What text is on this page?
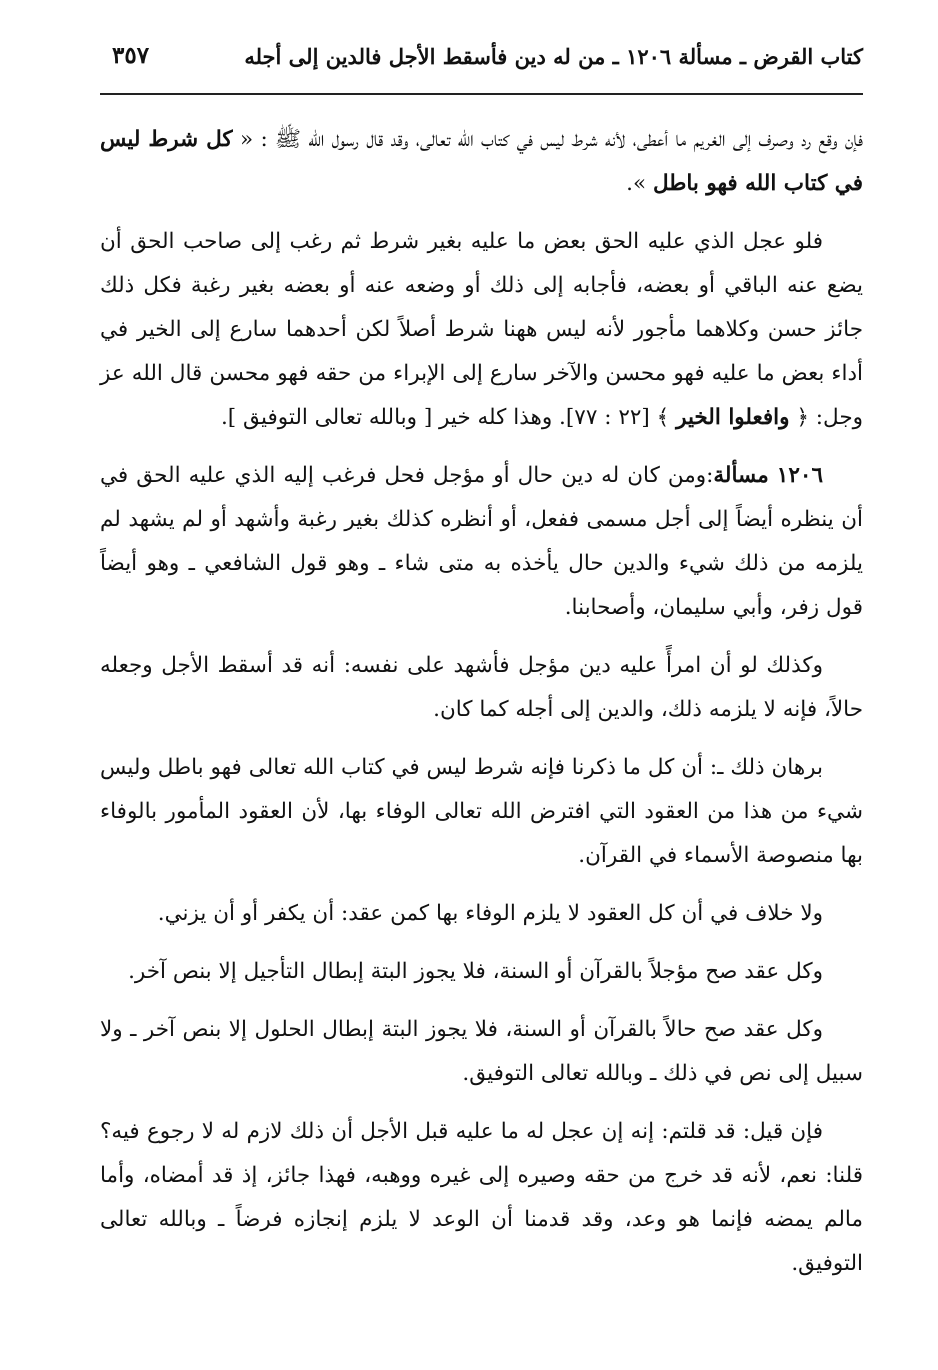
كتاب القرض ـ مسألة ١٢٠٦ ـ من له دين فأسقط الأجل فالدين إلى أجله
٣٥٧

فإن وقع رد وصرف إلى الغريم ما أعطى، لأنه شرط ليس في كتاب الله تعالى، وقد قال رسول الله ﷺ : « كل شرط ليس في كتاب الله فهو باطل ».

فلو عجل الذي عليه الحق بعض ما عليه بغير شرط ثم رغب إلى صاحب الحق أن يضع عنه الباقي أو بعضه، فأجابه إلى ذلك أو وضعه عنه أو بعضه بغير رغبة فكل ذلك جائز حسن وكلاهما مأجور لأنه ليس ههنا شرط أصلاً لكن أحدهما سارع إلى الخير في أداء بعض ما عليه فهو محسن والآخر سارع إلى الإبراء من حقه فهو محسن قال الله عز وجل: ﴿ وافعلوا الخير ﴾ [٢٢ : ٧٧]. وهذا كله خير [ وبالله تعالى التوفيق ].

١٢٠٦ مسألة:ومن كان له دين حال أو مؤجل فحل فرغب إليه الذي عليه الحق في أن ينظره أيضاً إلى أجل مسمى ففعل، أو أنظره كذلك بغير رغبة وأشهد أو لم يشهد لم يلزمه من ذلك شيء والدين حال يأخذه به متى شاء ـ وهو قول الشافعي ـ وهو أيضاً قول زفر، وأبي سليمان، وأصحابنا.

وكذلك لو أن امرأً عليه دين مؤجل فأشهد على نفسه: أنه قد أسقط الأجل وجعله حالاً، فإنه لا يلزمه ذلك، والدين إلى أجله كما كان.

برهان ذلك ـ: أن كل ما ذكرنا فإنه شرط ليس في كتاب الله تعالى فهو باطل وليس شيء من هذا من العقود التي افترض الله تعالى الوفاء بها، لأن العقود المأمور بالوفاء بها منصوصة الأسماء في القرآن.

ولا خلاف في أن كل العقود لا يلزم الوفاء بها كمن عقد: أن يكفر أو أن يزني.

وكل عقد صح مؤجلاً بالقرآن أو السنة، فلا يجوز البتة إبطال التأجيل إلا بنص آخر.

وكل عقد صح حالاً بالقرآن أو السنة، فلا يجوز البتة إبطال الحلول إلا بنص آخر ـ ولا سبيل إلى نص في ذلك ـ وبالله تعالى التوفيق.

فإن قيل: قد قلتم: إنه إن عجل له ما عليه قبل الأجل أن ذلك لازم له لا رجوع فيه؟ قلنا: نعم، لأنه قد خرج من حقه وصيره إلى غيره ووهبه، فهذا جائز، إذ قد أمضاه، وأما مالم يمضه فإنما هو وعد، وقد قدمنا أن الوعد لا يلزم إنجازه فرضاً ـ وبالله تعالى التوفيق.
